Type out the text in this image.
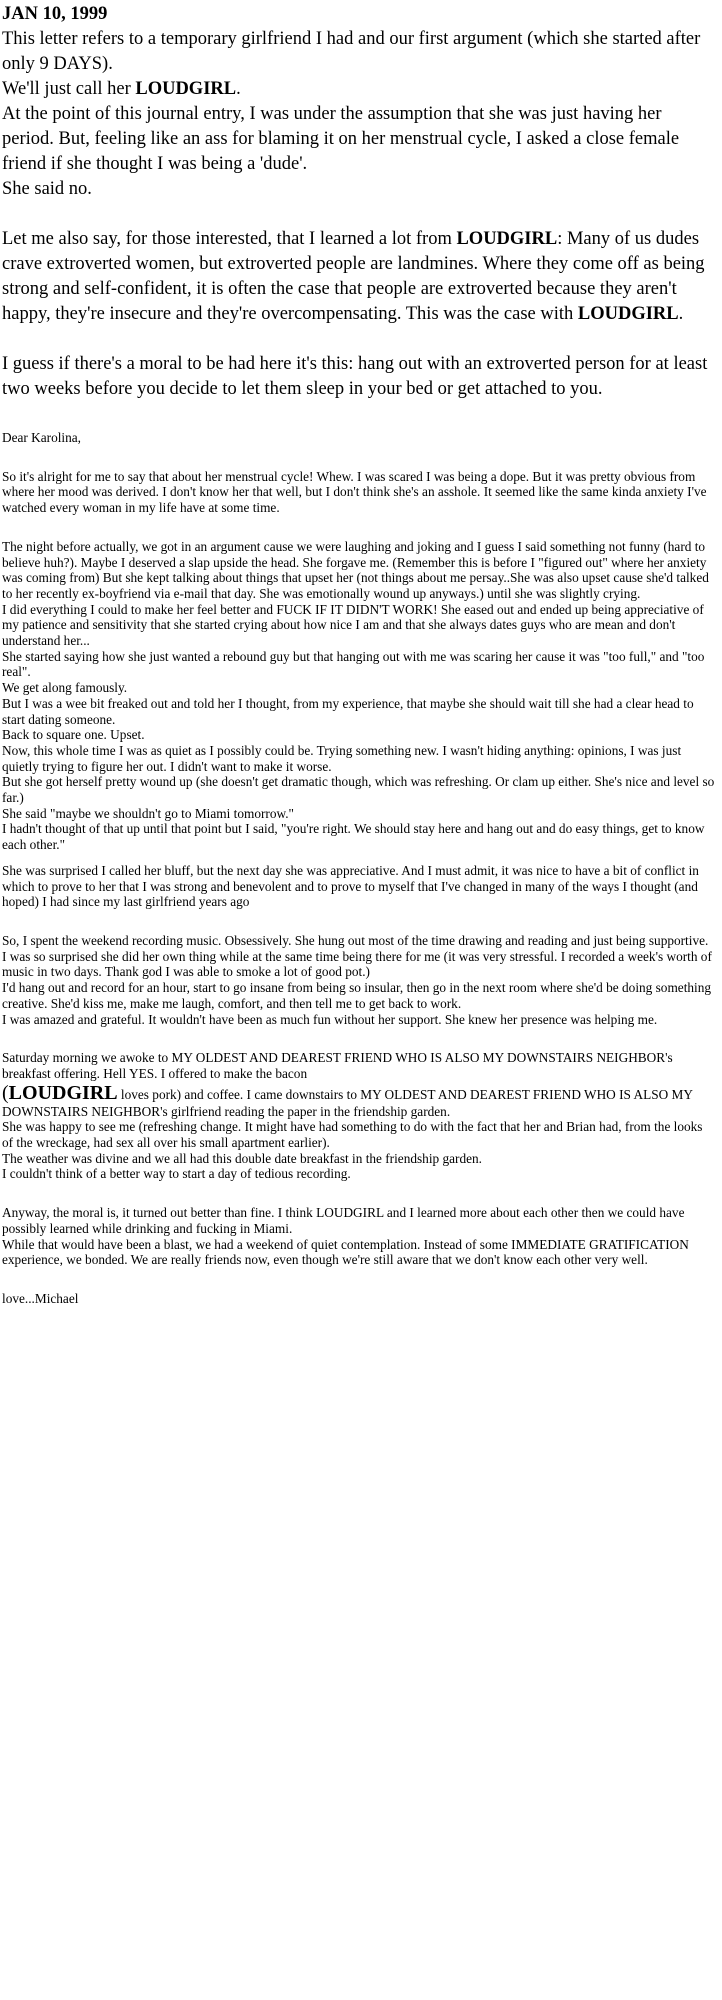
JAN 10, 1999
This letter refers to a temporary girlfriend I had and our first argument (which she started after only 9 DAYS).
We'll just call her LOUDGIRL.
At the point of this journal entry, I was under the assumption that she was just having her period. But, feeling like an ass for blaming it on her menstrual cycle, I asked a close female friend if she thought I was being a 'dude'.
She said no.
Let me also say, for those interested, that I learned a lot from LOUDGIRL: Many of us dudes crave extroverted women, but extroverted people are landmines. Where they come off as being strong and self-confident, it is often the case that people are extroverted because they aren't happy, they're insecure and they're overcompensating. This was the case with LOUDGIRL.
I guess if there's a moral to be had here it's this: hang out with an extroverted person for at least two weeks before you decide to let them sleep in your bed or get attached to you.
Dear Karolina,
So it's alright for me to say that about her menstrual cycle! Whew. I was scared I was being a dope. But it was pretty obvious from where her mood was derived. I don't know her that well, but I don't think she's an asshole. It seemed like the same kinda anxiety I've watched every woman in my life have at some time.
The night before actually, we got in an argument cause we were laughing and joking and I guess I said something not funny (hard to believe huh?). Maybe I deserved a slap upside the head. She forgave me. (Remember this is before I "figured out" where her anxiety was coming from) But she kept talking about things that upset her (not things about me persay..She was also upset cause she'd talked to her recently ex-boyfriend via e-mail that day. She was emotionally wound up anyways.) until she was slightly crying.
I did everything I could to make her feel better and FUCK IF IT DIDN'T WORK! She eased out and ended up being appreciative of my patience and sensitivity that she started crying about how nice I am and that she always dates guys who are mean and don't understand her...
She started saying how she just wanted a rebound guy but that hanging out with me was scaring her cause it was "too full," and "too real".
We get along famously.
But I was a wee bit freaked out and told her I thought, from my experience, that maybe she should wait till she had a clear head to start dating someone.
Back to square one. Upset.
Now, this whole time I was as quiet as I possibly could be. Trying something new. I wasn't hiding anything: opinions, I was just quietly trying to figure her out. I didn't want to make it worse.
But she got herself pretty wound up (she doesn't get dramatic though, which was refreshing. Or clam up either. She's nice and level so far.)
She said "maybe we shouldn't go to Miami tomorrow."
I hadn't thought of that up until that point but I said, "you're right. We should stay here and hang out and do easy things, get to know each other."
She was surprised I called her bluff, but the next day she was appreciative. And I must admit, it was nice to have a bit of conflict in which to prove to her that I was strong and benevolent and to prove to myself that I've changed in many of the ways I thought (and hoped) I had since my last girlfriend years ago
So, I spent the weekend recording music. Obsessively. She hung out most of the time drawing and reading and just being supportive. I was so surprised she did her own thing while at the same time being there for me (it was very stressful. I recorded a week's worth of music in two days. Thank god I was able to smoke a lot of good pot.)
I'd hang out and record for an hour, start to go insane from being so insular, then go in the next room where she'd be doing something creative. She'd kiss me, make me laugh, comfort, and then tell me to get back to work.
I was amazed and grateful. It wouldn't have been as much fun without her support. She knew her presence was helping me.
Saturday morning we awoke to MY OLDEST AND DEAREST FRIEND WHO IS ALSO MY DOWNSTAIRS NEIGHBOR's breakfast offering. Hell YES. I offered to make the bacon
(LOUDGIRL loves pork) and coffee. I came downstairs to MY OLDEST AND DEAREST FRIEND WHO IS ALSO MY DOWNSTAIRS NEIGHBOR's girlfriend reading the paper in the friendship garden.
She was happy to see me (refreshing change. It might have had something to do with the fact that her and Brian had, from the looks of the wreckage, had sex all over his small apartment earlier).
The weather was divine and we all had this double date breakfast in the friendship garden.
I couldn't think of a better way to start a day of tedious recording.
Anyway, the moral is, it turned out better than fine. I think LOUDGIRL and I learned more about each other then we could have possibly learned while drinking and fucking in Miami.
While that would have been a blast, we had a weekend of quiet contemplation. Instead of some IMMEDIATE GRATIFICATION experience, we bonded. We are really friends now, even though we're still aware that we don't know each other very well.
love...Michael
